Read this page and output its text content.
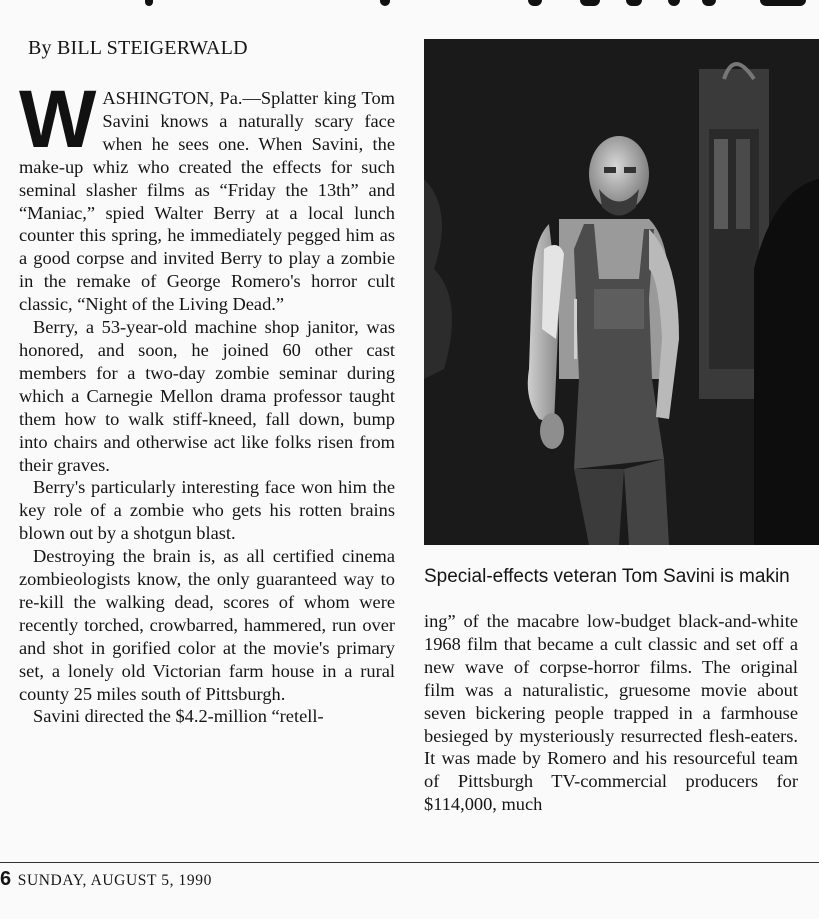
By BILL STEIGERWALD

WASHINGTON, Pa.—Splatter king Tom Savini knows a naturally scary face when he sees one. When Savini, the make-up whiz who created the effects for such seminal slasher films as “Friday the 13th” and “Maniac,” spied Walter Berry at a local lunch counter this spring, he immediately pegged him as a good corpse and invited Berry to play a zombie in the remake of George Romero's horror cult classic, “Night of the Living Dead.”

Berry, a 53-year-old machine shop janitor, was honored, and soon, he joined 60 other cast members for a two-day zombie seminar during which a Carnegie Mellon drama professor taught them how to walk stiff-kneed, fall down, bump into chairs and otherwise act like folks risen from their graves.

Berry's particularly interesting face won him the key role of a zombie who gets his rotten brains blown out by a shotgun blast.

Destroying the brain is, as all certified cinema zombieologists know, the only guaranteed way to re-kill the walking dead, scores of whom were recently torched, crowbarred, hammered, run over and shot in gorified color at the movie's primary set, a lonely old Victorian farm house in a rural county 25 miles south of Pittsburgh.

Savini directed the $4.2-million “retell-

Special-effects veteran Tom Savini is makin

ing” of the macabre low-budget black-and-white 1968 film that became a cult classic and set off a new wave of corpse-horror films. The original film was a naturalistic, gruesome movie about seven bickering people trapped in a farmhouse besieged by mysteriously resurrected flesh-eaters. It was made by Romero and his resourceful team of Pittsburgh TV-commercial producers for $114,000, much

6 SUNDAY, AUGUST 5, 1990
